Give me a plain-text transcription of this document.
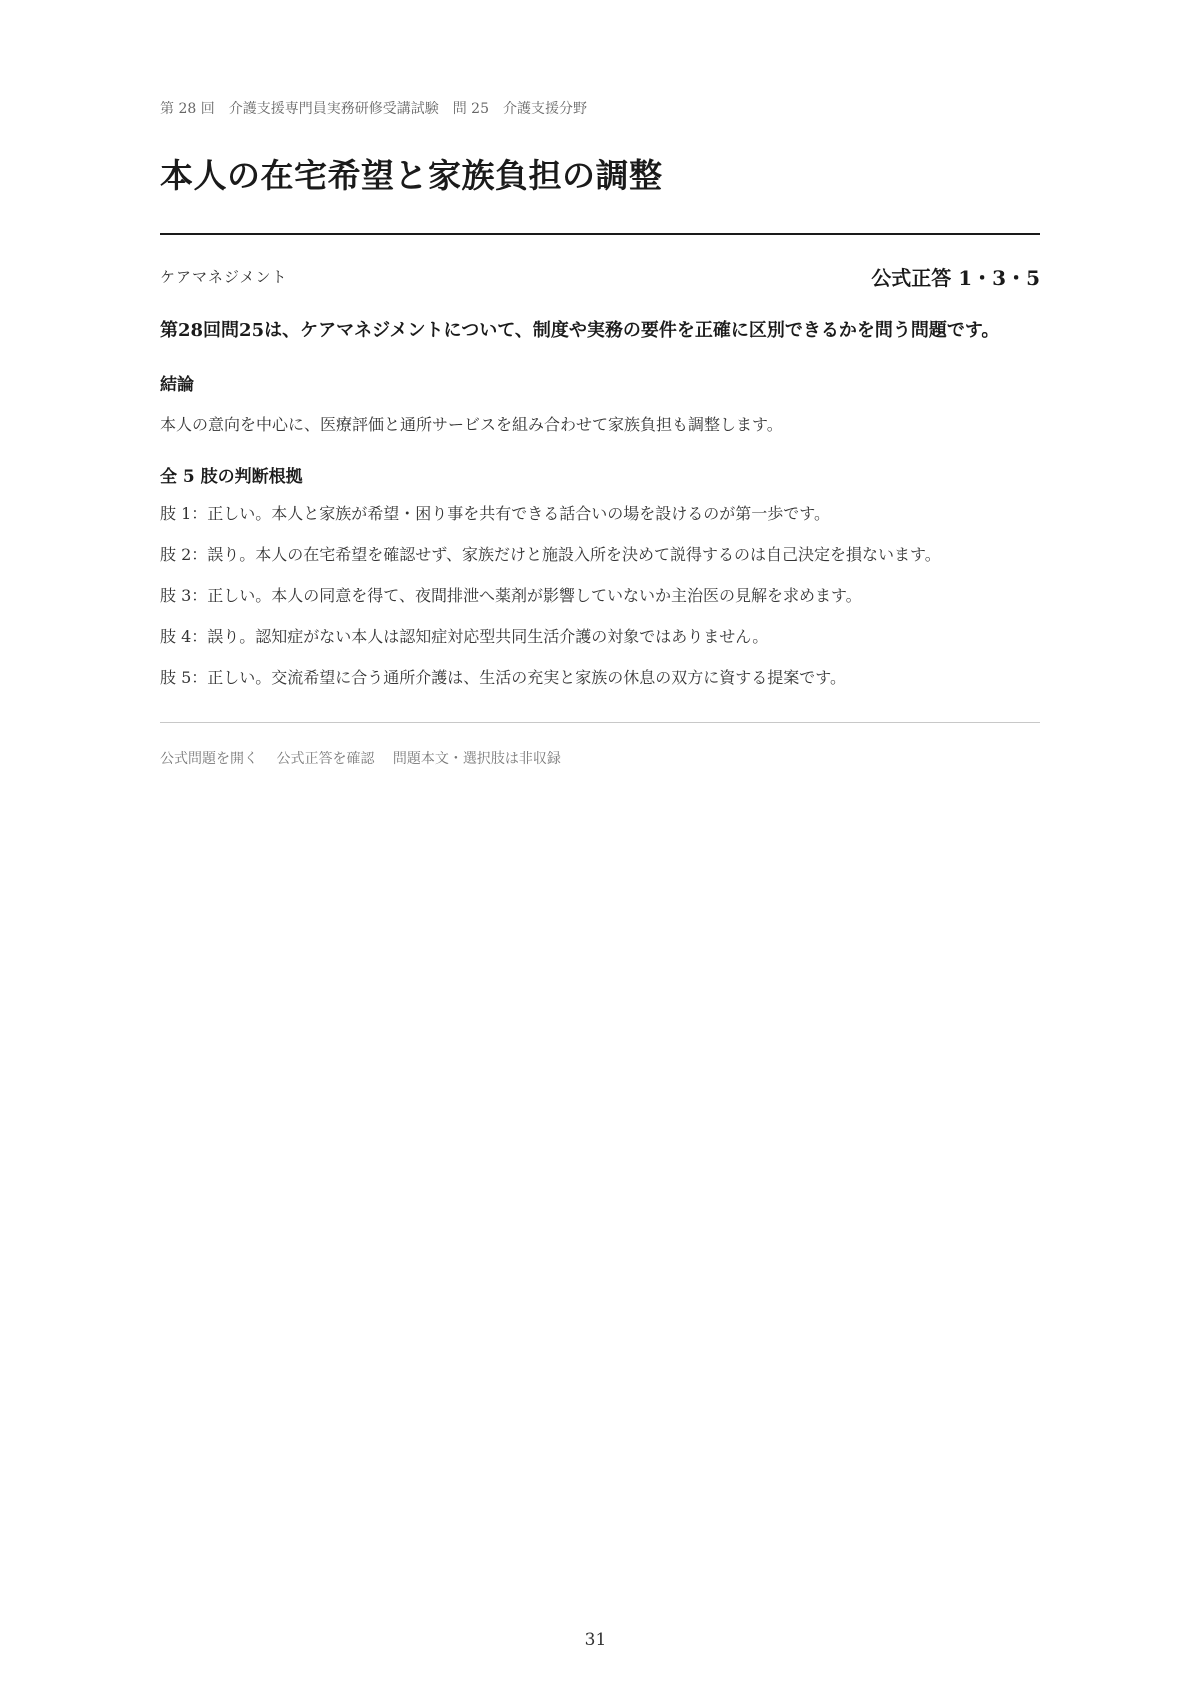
第 28 回　介護支援専門員実務研修受講試験　問 25　介護支援分野
本人の在宅希望と家族負担の調整
ケアマネジメント	公式正答 1・3・5
第28回問25は、ケアマネジメントについて、制度や実務の要件を正確に区別できるかを問う問題です。
結論
本人の意向を中心に、医療評価と通所サービスを組み合わせて家族負担も調整します。
全 5 肢の判断根拠
肢 1：正しい。本人と家族が希望・困り事を共有できる話合いの場を設けるのが第一歩です。
肢 2：誤り。本人の在宅希望を確認せず、家族だけと施設入所を決めて説得するのは自己決定を損ないます。
肢 3：正しい。本人の同意を得て、夜間排泄へ薬剤が影響していないか主治医の見解を求めます。
肢 4：誤り。認知症がない本人は認知症対応型共同生活介護の対象ではありません。
肢 5：正しい。交流希望に合う通所介護は、生活の充実と家族の休息の双方に資する提案です。
公式問題を開く 公式正答を確認 問題本文・選択肢は非収録
31
